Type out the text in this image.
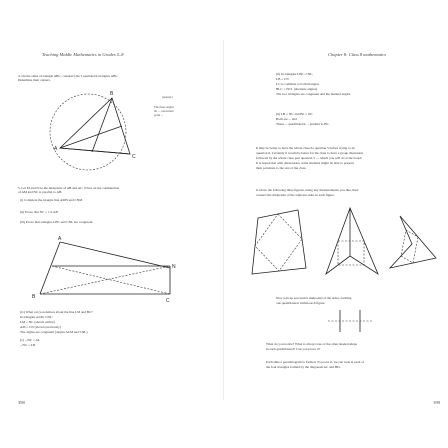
Teaching Middle Mathematics in Grades 5–8
4. On the sides of triangle ABC, construct the 3 equilateral triangles ABC.
Determine their centers.
A
B
C
(answer)
The three angles
all ... concurrent
point ...
5. Let M and N be the midpoints of AB and AC. N lies on the continuation
of AM and NC is parallel to AB.
(i) Complete the triangle that AMN and CNM
(ii) Prove that NC = 1/2 AB
(iii) Prove that triangles LBC and CNL are congruent.
B
N
C
A
(iv) What can you deduce about the line LM and BC?
In triangles ALM, CNL:
LM = NC (shown earlier)
AM = CN (shown previously)
The angles are congruent (angles ALM and CNL)
(v) ...NC = AL
...NC = LB
398
Chapter 8: Class 8 mathematics
(ii) In triangles LBC, CNL,
LB = CN
LC is common to both triangles
BLC = NCL (alternate angles)
The two triangles are congruent and the marked angles
(ii) LB = NC and BL = NC
Both are ... and
These ... quadrilateral ... parallel to BC.
It may be better to have the whole class do question 5 before trying to do
question 6. Certainly it would be better for the class to have a group discussion
followed by the whole class part question 5 — which you will do at the board.
It is hoped that with discussions, some students might be able to present
their solutions to the rest of the class.
6. Draw the following three figures, using any measurements you like, then
connect the midpoints of the adjacent sides in each figure.
Now join up successive midpoints of the sides, forming
one quadrilateral within each figure.
What do you notice? What is always true of the other shaded shape
in each quadrilateral? Can you prove it?
Each time a parallelogram is formed. To prove it, we can look at each of
the four triangles formed by the diagonals AC and BD.
399
